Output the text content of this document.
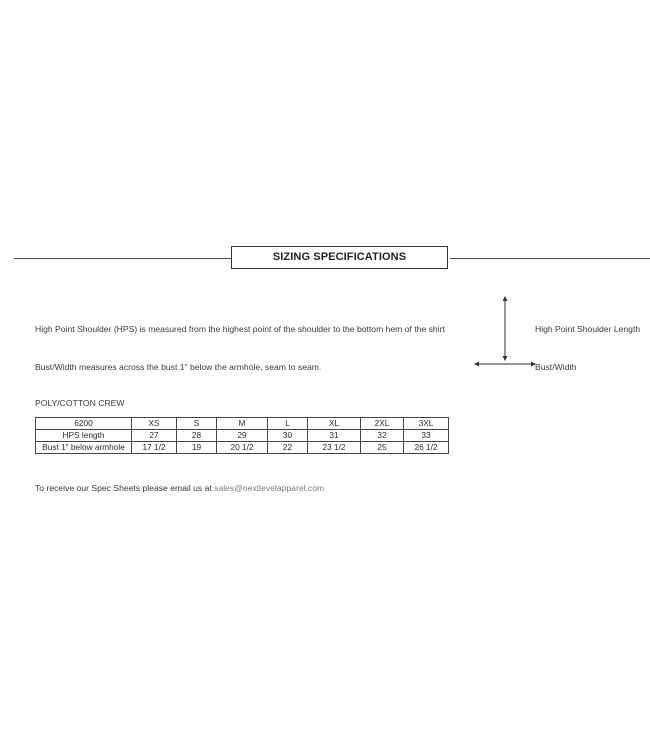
SIZING SPECIFICATIONS
High Point Shoulder (HPS) is measured from the highest point of the shoulder to the bottom hem of the shirt
Bust/Width measures across the bust 1" below the armhole, seam to seam.
High Point Shoulder Length
Bust/Width
POLY/COTTON CREW
6200	XS	S	M	L	XL	2XL	3XL
HPS length	27	28	29	30	31	32	33
Bust 1" below armhole	17 1/2	19	20 1/2	22	23 1/2	25	26 1/2
To receive our Spec Sheets please email us at sales@nextlevelapparel.com
